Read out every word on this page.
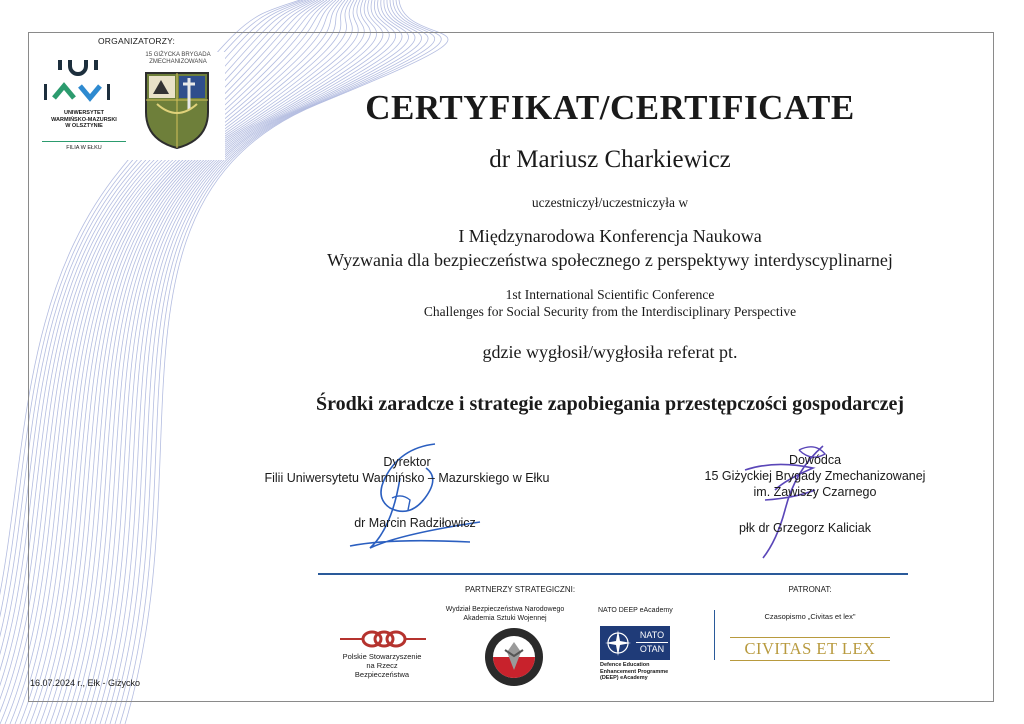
ORGANIZATORZY:
UNIWERSYTET
WARMIŃSKO-MAZURSKI
W OLSZTYNIE
FILIA W EŁKU
15 GIŻYCKA BRYGADA
ZMECHANIZOWANA
CERTYFIKAT/CERTIFICATE
dr Mariusz Charkiewicz
uczestniczył/uczestniczyła w
I Międzynarodowa Konferencja Naukowa
Wyzwania dla bezpieczeństwa społecznego z perspektywy interdyscyplinarnej
1st International Scientific Conference
Challenges for Social Security from the Interdisciplinary Perspective
gdzie wygłosił/wygłosiła referat pt.
Środki zaradcze i strategie zapobiegania przestępczości gospodarczej
Dyrektor
Filii Uniwersytetu Warmińsko – Mazurskiego w Ełku
dr Marcin Radziłowicz
Dowódca
15 Giżyckiej Brygady Zmechanizowanej
im. Zawiszy Czarnego
płk dr Grzegorz Kaliciak
PARTNERZY STRATEGICZNI:	PATRONAT:
Polskie Stowarzyszenie
na Rzecz
Bezpieczeństwa
Wydział Bezpieczeństwa Narodowego
Akademia Sztuki Wojennej
NATO DEEP eAcademy
NATO
OTAN
Defence Education
Enhancement Programme
(DEEP) eAcademy
Czasopismo „Civitas et lex"
CIVITAS ET LEX
16.07.2024 r., Ełk - Giżycko
